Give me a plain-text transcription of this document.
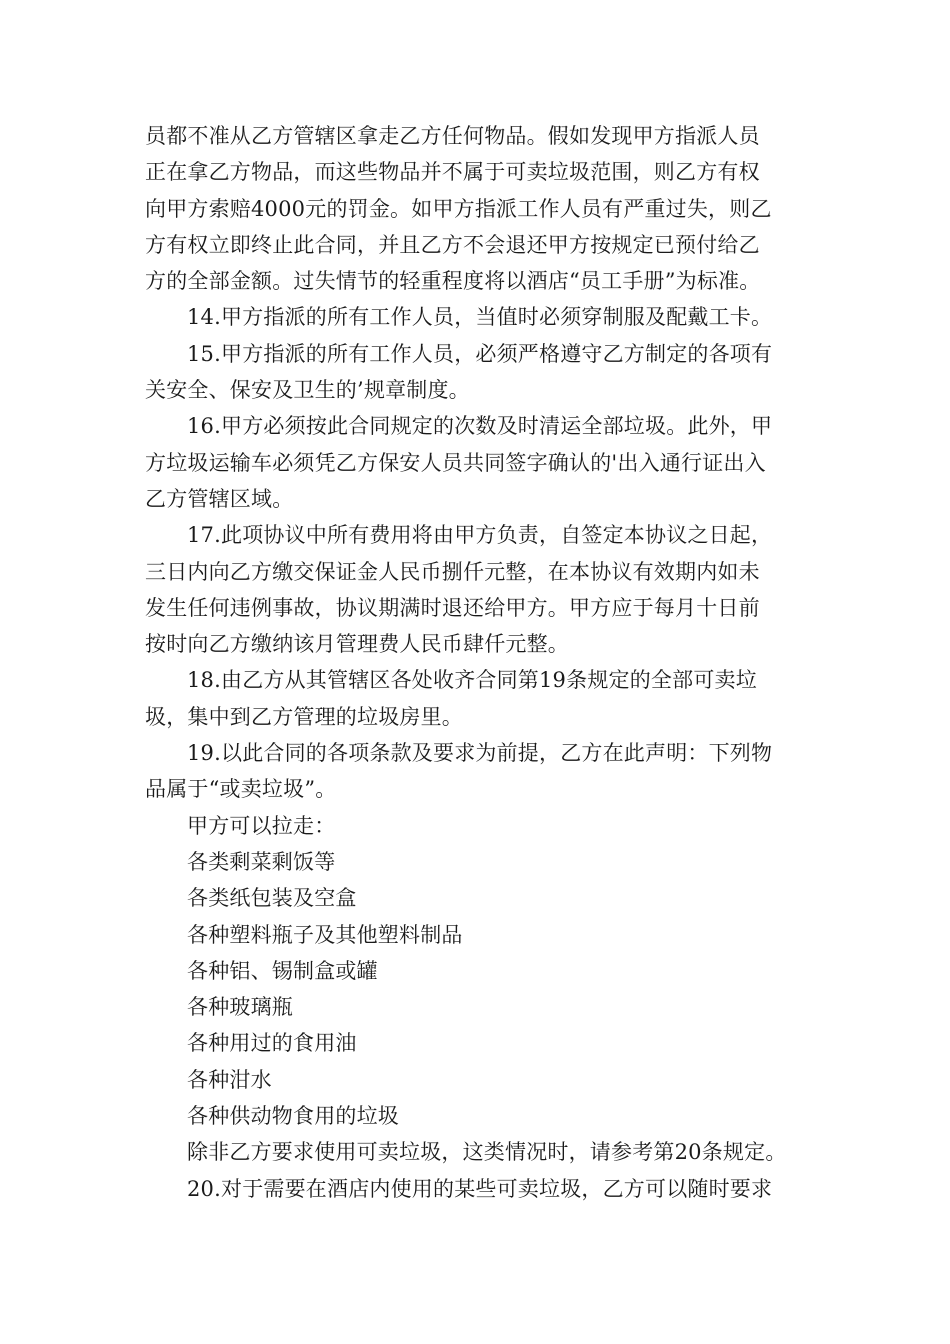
员都不准从乙方管辖区拿走乙方任何物品。假如发现甲方指派人员
正在拿乙方物品，而这些物品并不属于可卖垃圾范围，则乙方有权
向甲方索赔4000元的罚金。如甲方指派工作人员有严重过失，则乙
方有权立即终止此合同，并且乙方不会退还甲方按规定已预付给乙
方的全部金额。过失情节的轻重程度将以酒店“员工手册”为标准。
14.甲方指派的所有工作人员，当值时必须穿制服及配戴工卡。
15.甲方指派的所有工作人员，必须严格遵守乙方制定的各项有
关安全、保安及卫生的’规章制度。
16.甲方必须按此合同规定的次数及时清运全部垃圾。此外，甲
方垃圾运输车必须凭乙方保安人员共同签字确认的'出入通行证出入
乙方管辖区域。
17.此项协议中所有费用将由甲方负责，自签定本协议之日起，
三日内向乙方缴交保证金人民币捌仟元整，在本协议有效期内如未
发生任何违例事故，协议期满时退还给甲方。甲方应于每月十日前
按时向乙方缴纳该月管理费人民币肆仟元整。
18.由乙方从其管辖区各处收齐合同第19条规定的全部可卖垃
圾，集中到乙方管理的垃圾房里。
19.以此合同的各项条款及要求为前提，乙方在此声明：下列物
品属于“或卖垃圾”。
甲方可以拉走：
各类剩菜剩饭等
各类纸包装及空盒
各种塑料瓶子及其他塑料制品
各种铝、锡制盒或罐
各种玻璃瓶
各种用过的食用油
各种泔水
各种供动物食用的垃圾
除非乙方要求使用可卖垃圾，这类情况时，请参考第20条规定。
20.对于需要在酒店内使用的某些可卖垃圾，乙方可以随时要求
